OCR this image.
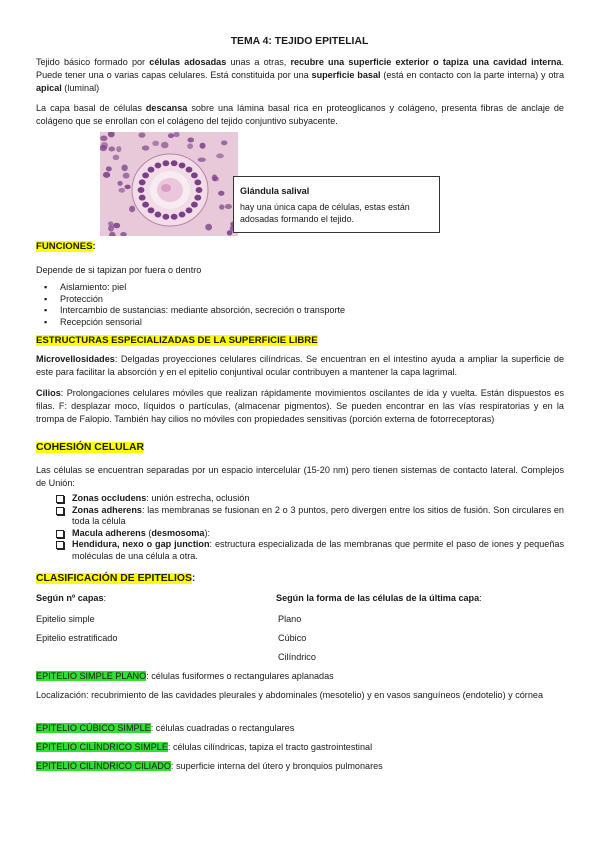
TEMA 4: TEJIDO EPITELIAL
Tejido básico formado por células adosadas unas a otras, recubre una superficie exterior o tapiza una cavidad interna. Puede tener una o varias capas celulares. Está constituida por una superficie basal (está en contacto con la parte interna) y otra apical (luminal)
La capa basal de células descansa sobre una lámina basal rica en proteoglicanos y colágeno, presenta fibras de anclaje de colágeno que se enrollan con el colágeno del tejido conjuntivo subyacente.
Glándula salival
hay una única capa de células, estas están adosadas formando el tejido.
FUNCIONES:
Depende de si tapizan por fuera o dentro
▪ Aislamiento: piel
▪ Protección
▪ Intercambio de sustancias: mediante absorción, secreción o transporte
▪ Recepción sensorial
ESTRUCTURAS ESPECIALIZADAS DE LA SUPERFICIE LIBRE
Microvellosidades: Delgadas proyecciones celulares cilíndricas. Se encuentran en el intestino ayuda a ampliar la superficie de este para facilitar la absorción y en el epitelio conjuntival ocular contribuyen a mantener la capa lagrimal.
Cilios: Prolongaciones celulares móviles que realizan rápidamente movimientos oscilantes de ida y vuelta. Están dispuestos es filas. F: desplazar moco, líquidos o partículas, (almacenar pigmentos). Se pueden encontrar en las vías respiratorias y en la trompa de Falopio. También hay cilios no móviles con propiedades sensitivas (porción externa de fotorreceptoras)
COHESIÓN CELULAR
Las células se encuentran separadas por un espacio intercelular (15-20 nm) pero tienen sistemas de contacto lateral. Complejos de Unión:
Zonas occludens: unión estrecha, oclusión
Zonas adherens: las membranas se fusionan en 2 o 3 puntos, pero divergen entre los sitios de fusión. Son circulares en toda la célula
Macula adherens (desmosoma):
Hendidura, nexo o gap junction: estructura especializada de las membranas que permite el paso de iones y pequeñas moléculas de una célula a otra.
CLASIFICACIÓN DE EPITELIOS:
Según nº capas:	Según la forma de las células de la última capa:
Epitelio simple
Epitelio estratificado
Plano
Cúbico
Cilíndrico
EPITELIO SIMPLE PLANO: células fusiformes o rectangulares aplanadas
Localización: recubrimiento de las cavidades pleurales y abdominales (mesotelio) y en vasos sanguíneos (endotelio) y córnea
EPITELIO CÚBICO SIMPLE: células cuadradas o rectangulares
EPITELIO CILÍNDRICO SIMPLE: células cilíndricas, tapiza el tracto gastrointestinal
EPITELIO CILÍNDRICO CILIADO: superficie interna del útero y bronquios pulmonares
